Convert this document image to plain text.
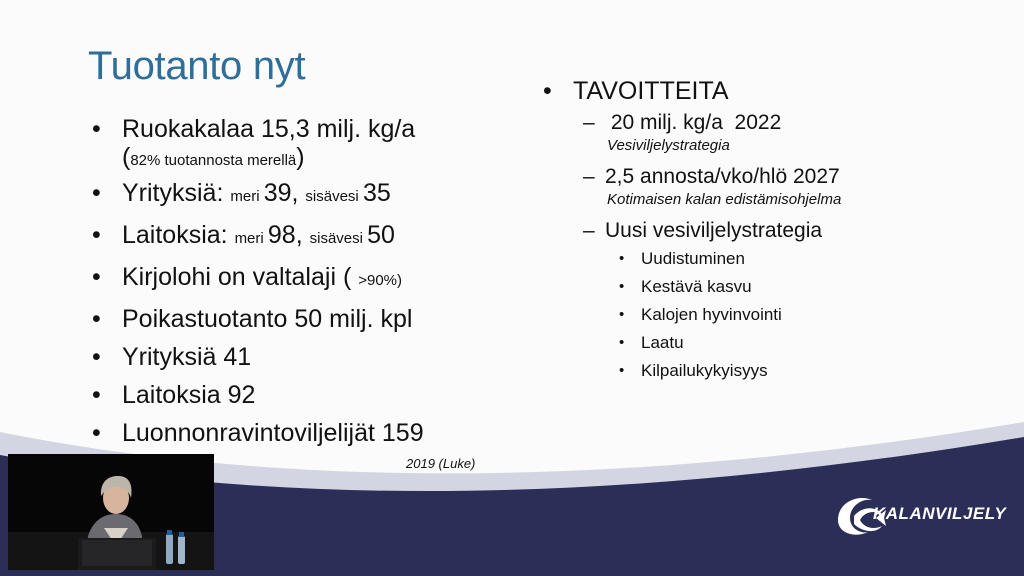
Tuotanto nyt
• Ruokakalaa 15,3 milj. kg/a
(82% tuotannosta merellä)
• Yrityksiä: meri 39, sisävesi 35
• Laitoksia: meri 98, sisävesi 50
• Kirjolohi on valtalaji ( >90%)
• Poikastuotanto 50 milj. kpl
• Yrityksiä 41
• Laitoksia 92
• Luonnonravintoviljelijät 159
2019 (Luke)
• TAVOITTEITA
– 20 milj. kg/a  2022
Vesiviljelystrategia
– 2,5 annosta/vko/hlö 2027
Kotimaisen kalan edistämisohjelma
– Uusi vesiviljelystrategia
• Uudistuminen
• Kestävä kasvu
• Kalojen hyvinvointi
• Laatu
• Kilpailukykyisyys
KALANVILJELY
